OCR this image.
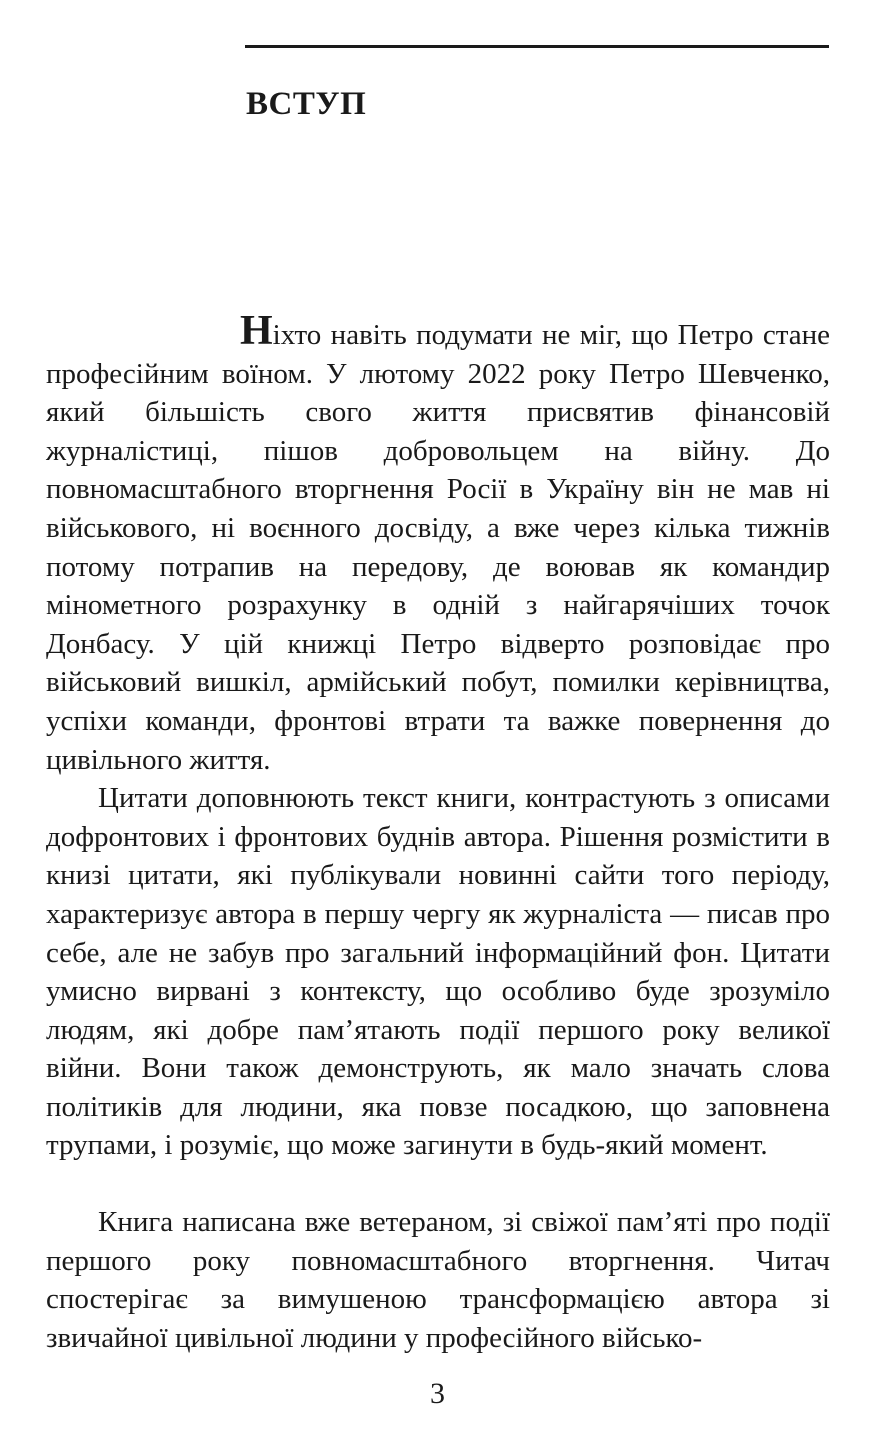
ВСТУП

Ніхто навіть подумати не міг, що Петро стане професійним воїном. У лютому 2022 року Петро Шевченко, який більшість свого життя присвятив фінансовій журналістиці, пішов добровольцем на війну. До повномасштабного вторгнення Росії в Україну він не мав ні військового, ні воєнного досвіду, а вже через кілька тижнів потому потрапив на передову, де воював як командир мінометного розрахунку в одній з найгарячіших точок Донбасу. У цій книжці Петро відверто розповідає про військовий вишкіл, армійський побут, помилки керівництва, успіхи команди, фронтові втрати та важке повернення до цивільного життя.

Цитати доповнюють текст книги, контрастують з описами дофронтових і фронтових буднів автора. Рішення розмістити в книзі цитати, які публікували новинні сайти того періоду, характеризує автора в першу чергу як журналіста — писав про себе, але не забув про загальний інформаційний фон. Цитати умисно вирвані з контексту, що особливо буде зрозуміло людям, які добре пам’ятають події першого року великої війни. Вони також демонструють, як мало значать слова політиків для людини, яка повзе посадкою, що заповнена трупами, і розуміє, що може загинути в будь-який момент.

Книга написана вже ветераном, зі свіжої пам’яті про події першого року повномасштабного вторгнення. Читач спостерігає за вимушеною трансформацією автора зі звичайної цивільної людини у професійного військо-

3
